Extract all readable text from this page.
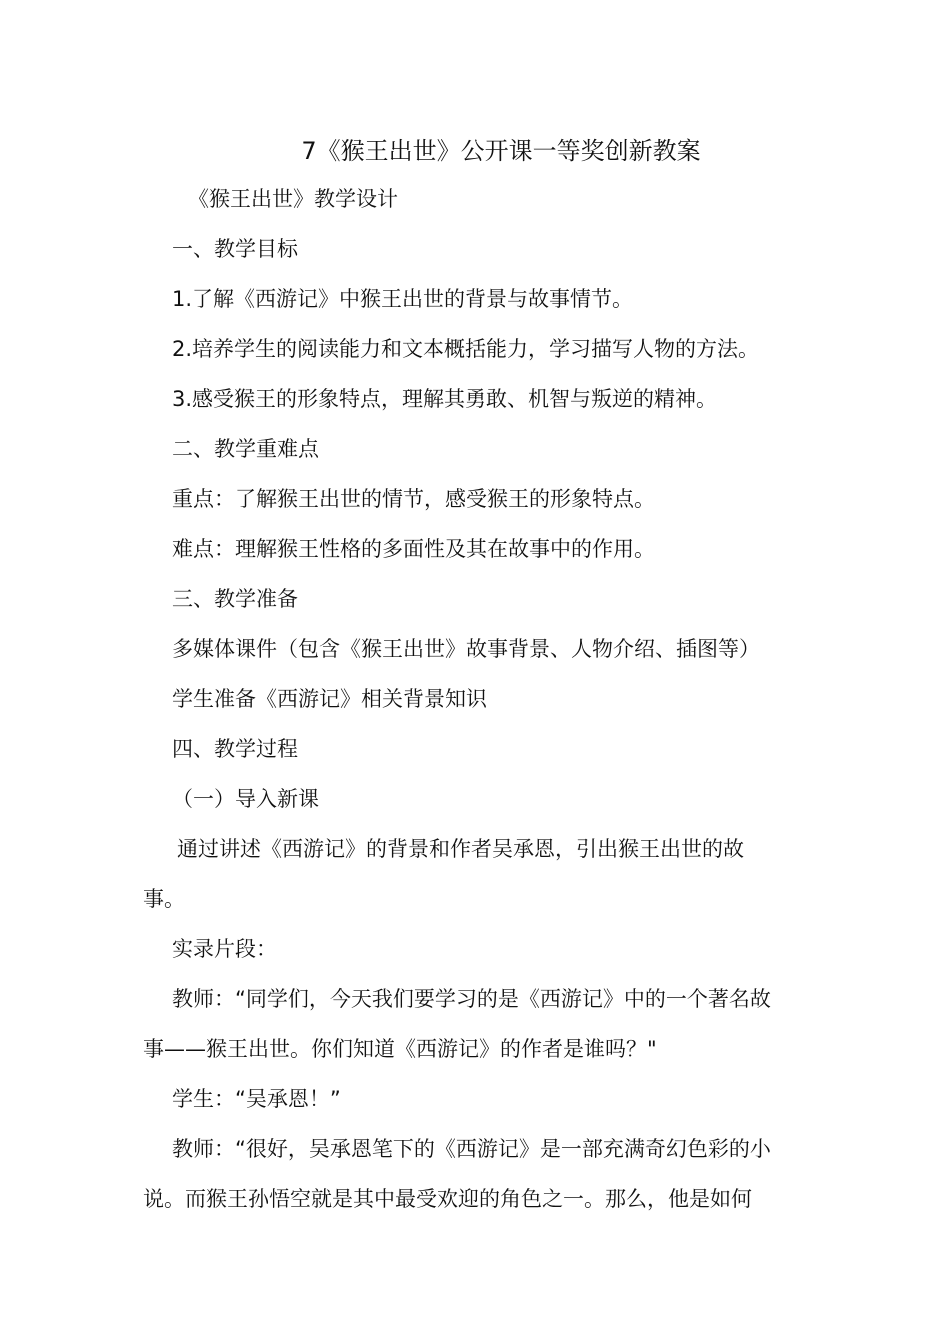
7《猴王出世》公开课一等奖创新教案
《猴王出世》教学设计
一、教学目标
1.了解《西游记》中猴王出世的背景与故事情节。
2.培养学生的阅读能力和文本概括能力，学习描写人物的方法。
3.感受猴王的形象特点，理解其勇敢、机智与叛逆的精神。
二、教学重难点
重点：了解猴王出世的情节，感受猴王的形象特点。
难点：理解猴王性格的多面性及其在故事中的作用。
三、教学准备
多媒体课件（包含《猴王出世》故事背景、人物介绍、插图等）
学生准备《西游记》相关背景知识
四、教学过程
（一）导入新课
通过讲述《西游记》的背景和作者吴承恩，引出猴王出世的故
事。
实录片段：
教师：“同学们，今天我们要学习的是《西游记》中的一个著名故
事——猴王出世。你们知道《西游记》的作者是谁吗？"
学生：“吴承恩！”
教师：“很好，吴承恩笔下的《西游记》是一部充满奇幻色彩的小
说。而猴王孙悟空就是其中最受欢迎的角色之一。那么，他是如何
